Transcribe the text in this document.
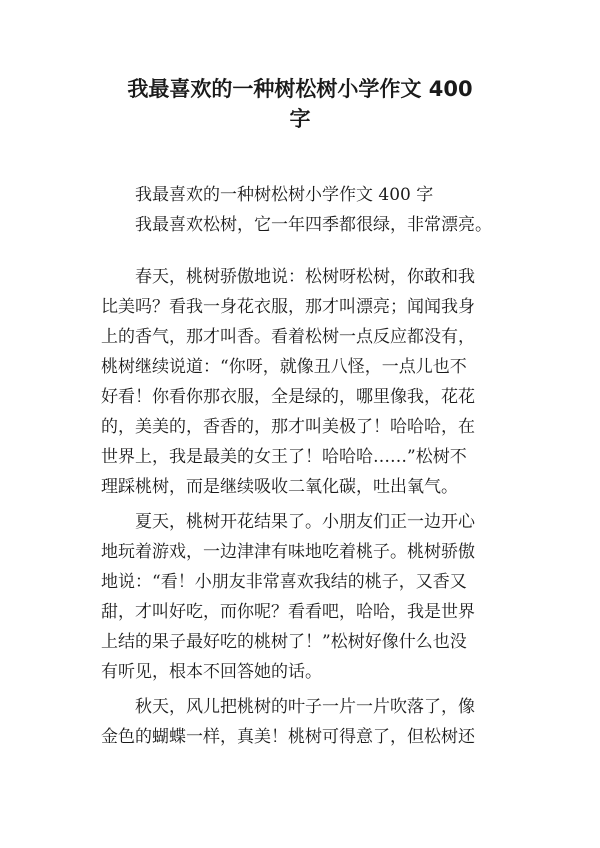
我最喜欢的一种树松树小学作文 400
字
我最喜欢的一种树松树小学作文 400 字
我最喜欢松树，它一年四季都很绿，非常漂亮。
春天，桃树骄傲地说：松树呀松树，你敢和我
比美吗？看我一身花衣服，那才叫漂亮；闻闻我身
上的香气，那才叫香。看着松树一点反应都没有，
桃树继续说道：“你呀，就像丑八怪，一点儿也不
好看！你看你那衣服，全是绿的，哪里像我，花花
的，美美的，香香的，那才叫美极了！哈哈哈，在
世界上，我是最美的女王了！哈哈哈……”松树不
理踩桃树，而是继续吸收二氧化碳，吐出氧气。
夏天，桃树开花结果了。小朋友们正一边开心
地玩着游戏，一边津津有味地吃着桃子。桃树骄傲
地说：“看！小朋友非常喜欢我结的桃子，又香又
甜，才叫好吃，而你呢？看看吧，哈哈，我是世界
上结的果子最好吃的桃树了！”松树好像什么也没
有听见，根本不回答她的话。
秋天，风儿把桃树的叶子一片一片吹落了，像
金色的蝴蝶一样，真美！桃树可得意了，但松树还
